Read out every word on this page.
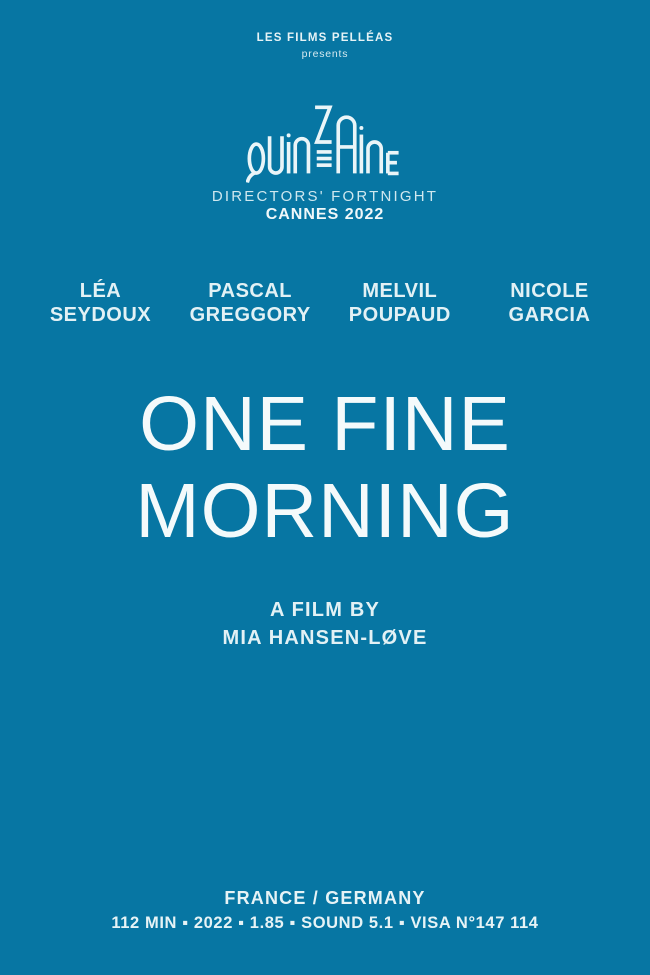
LES FILMS PELLÉAS
presents
DIRECTORS' FORTNIGHT
CANNES 2022
LÉA
SEYDOUX
PASCAL
GREGGORY
MELVIL
POUPAUD
NICOLE
GARCIA
ONE FINE
MORNING
A FILM BY
MIA HANSEN-LØVE
FRANCE / GERMANY
112 MIN ▪ 2022 ▪ 1.85 ▪ SOUND 5.1 ▪ VISA N°147 114
